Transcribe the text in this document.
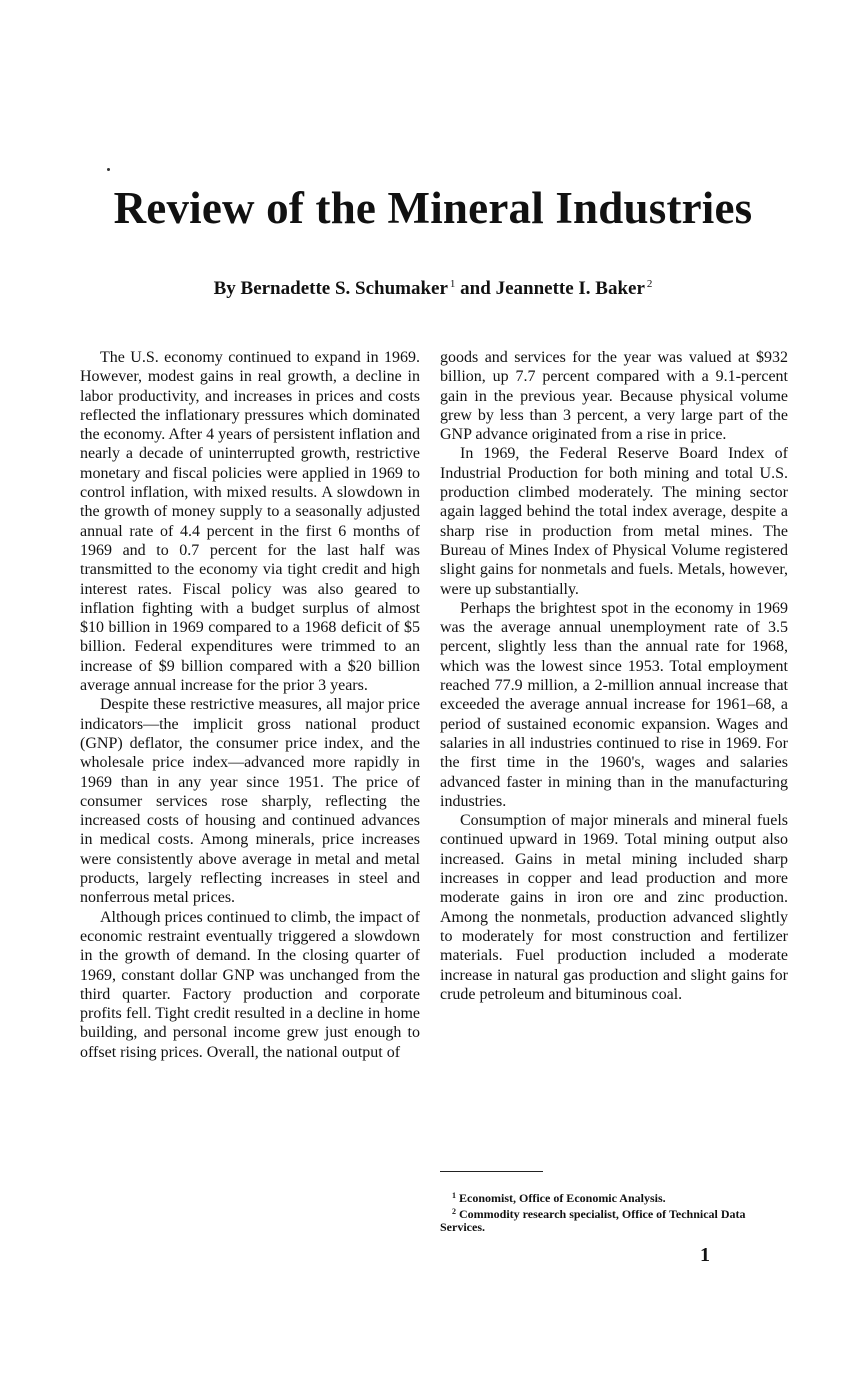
Review of the Mineral Industries
By Bernadette S. Schumaker $^1$ and Jeannette I. Baker $^2$

The U.S. economy continued to expand in 1969. However, modest gains in real growth, a decline in labor productivity, and increases in prices and costs reflected the inflationary pressures which dominated the economy. After 4 years of persistent inflation and nearly a decade of uninterrupted growth, restrictive monetary and fiscal policies were applied in 1969 to control inflation, with mixed results. A slowdown in the growth of money supply to a seasonally adjusted annual rate of 4.4 percent in the first 6 months of 1969 and to 0.7 percent for the last half was transmitted to the economy via tight credit and high interest rates. Fiscal policy was also geared to inflation fighting with a budget surplus of almost $10 billion in 1969 compared to a 1968 deficit of $5 billion. Federal expenditures were trimmed to an increase of $9 billion compared with a $20 billion average annual increase for the prior 3 years.

Despite these restrictive measures, all major price indicators—the implicit gross national product (GNP) deflator, the consumer price index, and the wholesale price index—advanced more rapidly in 1969 than in any year since 1951. The price of consumer services rose sharply, reflecting the increased costs of housing and continued advances in medical costs. Among minerals, price increases were consistently above average in metal and metal products, largely reflecting increases in steel and nonferrous metal prices.

Although prices continued to climb, the impact of economic restraint eventually triggered a slowdown in the growth of demand. In the closing quarter of 1969, constant dollar GNP was unchanged from the third quarter. Factory production and corporate profits fell. Tight credit resulted in a decline in home building, and personal income grew just enough to offset rising prices. Overall, the national output of

goods and services for the year was valued at $932 billion, up 7.7 percent compared with a 9.1-percent gain in the previous year. Because physical volume grew by less than 3 percent, a very large part of the GNP advance originated from a rise in price.

In 1969, the Federal Reserve Board Index of Industrial Production for both mining and total U.S. production climbed moderately. The mining sector again lagged behind the total index average, despite a sharp rise in production from metal mines. The Bureau of Mines Index of Physical Volume registered slight gains for nonmetals and fuels. Metals, however, were up substantially.

Perhaps the brightest spot in the economy in 1969 was the average annual unemployment rate of 3.5 percent, slightly less than the annual rate for 1968, which was the lowest since 1953. Total employment reached 77.9 million, a 2-million annual increase that exceeded the average annual increase for 1961–68, a period of sustained economic expansion. Wages and salaries in all industries continued to rise in 1969. For the first time in the 1960's, wages and salaries advanced faster in mining than in the manufacturing industries.

Consumption of major minerals and mineral fuels continued upward in 1969. Total mining output also increased. Gains in metal mining included sharp increases in copper and lead production and more moderate gains in iron ore and zinc production. Among the nonmetals, production advanced slightly to moderately for most construction and fertilizer materials. Fuel production included a moderate increase in natural gas production and slight gains for crude petroleum and bituminous coal.

$^1$ Economist, Office of Economic Analysis.

$^2$ Commodity research specialist, Office of Technical Data Services.

1
